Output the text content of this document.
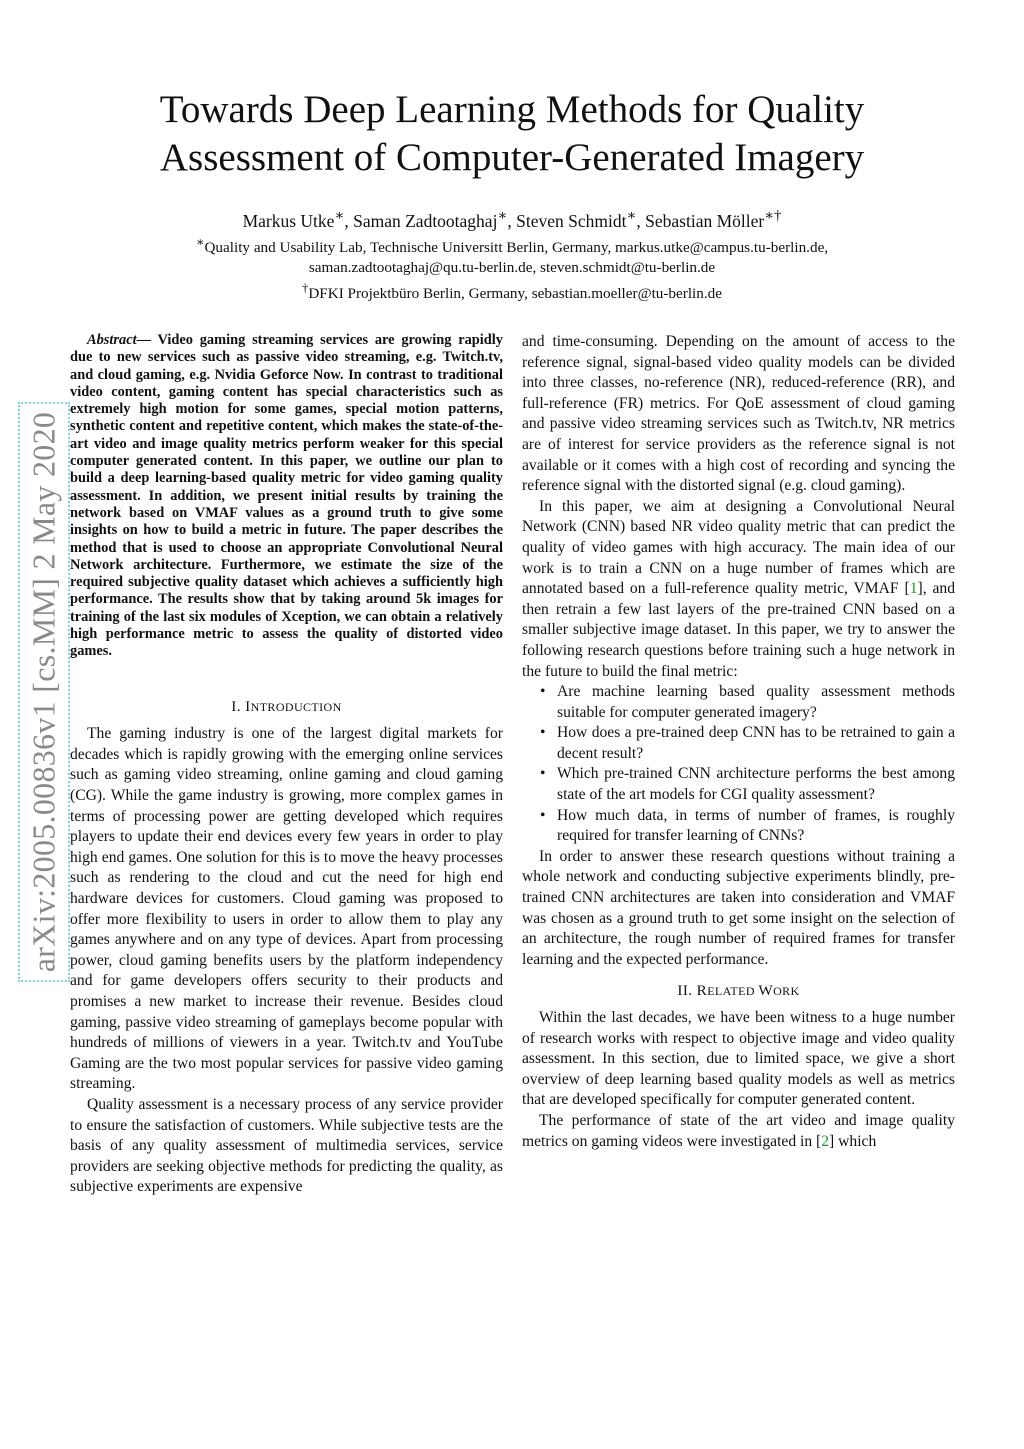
arXiv:2005.00836v1 [cs.MM] 2 May 2020
Towards Deep Learning Methods for Quality
Assessment of Computer-Generated Imagery
Markus Utke∗, Saman Zadtootaghaj∗, Steven Schmidt∗, Sebastian Möller∗†
∗Quality and Usability Lab, Technische Universitt Berlin, Germany, markus.utke@campus.tu-berlin.de,
saman.zadtootaghaj@qu.tu-berlin.de, steven.schmidt@tu-berlin.de
†DFKI Projektbüro Berlin, Germany, sebastian.moeller@tu-berlin.de

Abstract— Video gaming streaming services are growing rapidly due to new services such as passive video streaming, e.g. Twitch.tv, and cloud gaming, e.g. Nvidia Geforce Now. In contrast to traditional video content, gaming content has special characteristics such as extremely high motion for some games, special motion patterns, synthetic content and repetitive content, which makes the state-of-the-art video and image quality metrics perform weaker for this special computer generated content. In this paper, we outline our plan to build a deep learning-based quality metric for video gaming quality assessment. In addition, we present initial results by training the network based on VMAF values as a ground truth to give some insights on how to build a metric in future. The paper describes the method that is used to choose an appropriate Convolutional Neural Network architecture. Furthermore, we estimate the size of the required subjective quality dataset which achieves a sufficiently high performance. The results show that by taking around 5k images for training of the last six modules of Xception, we can obtain a relatively high performance metric to assess the quality of distorted video games.

I. INTRODUCTION

The gaming industry is one of the largest digital markets for decades which is rapidly growing with the emerging online services such as gaming video streaming, online gaming and cloud gaming (CG). While the game industry is growing, more complex games in terms of processing power are getting developed which requires players to update their end devices every few years in order to play high end games. One solution for this is to move the heavy processes such as rendering to the cloud and cut the need for high end hardware devices for customers. Cloud gaming was proposed to offer more flexibility to users in order to allow them to play any games anywhere and on any type of devices. Apart from processing power, cloud gaming benefits users by the platform independency and for game developers offers security to their products and promises a new market to increase their revenue. Besides cloud gaming, passive video streaming of gameplays become popular with hundreds of millions of viewers in a year. Twitch.tv and YouTube Gaming are the two most popular services for passive video gaming streaming.

Quality assessment is a necessary process of any service provider to ensure the satisfaction of customers. While subjective tests are the basis of any quality assessment of multimedia services, service providers are seeking objective methods for predicting the quality, as subjective experiments are expensive

and time-consuming. Depending on the amount of access to the reference signal, signal-based video quality models can be divided into three classes, no-reference (NR), reduced-reference (RR), and full-reference (FR) metrics. For QoE assessment of cloud gaming and passive video streaming services such as Twitch.tv, NR metrics are of interest for service providers as the reference signal is not available or it comes with a high cost of recording and syncing the reference signal with the distorted signal (e.g. cloud gaming).

In this paper, we aim at designing a Convolutional Neural Network (CNN) based NR video quality metric that can predict the quality of video games with high accuracy. The main idea of our work is to train a CNN on a huge number of frames which are annotated based on a full-reference quality metric, VMAF [1], and then retrain a few last layers of the pre-trained CNN based on a smaller subjective image dataset. In this paper, we try to answer the following research questions before training such a huge network in the future to build the final metric:

• Are machine learning based quality assessment methods suitable for computer generated imagery?
• How does a pre-trained deep CNN has to be retrained to gain a decent result?
• Which pre-trained CNN architecture performs the best among state of the art models for CGI quality assessment?
• How much data, in terms of number of frames, is roughly required for transfer learning of CNNs?

In order to answer these research questions without training a whole network and conducting subjective experiments blindly, pre-trained CNN architectures are taken into consideration and VMAF was chosen as a ground truth to get some insight on the selection of an architecture, the rough number of required frames for transfer learning and the expected performance.

II. RELATED WORK

Within the last decades, we have been witness to a huge number of research works with respect to objective image and video quality assessment. In this section, due to limited space, we give a short overview of deep learning based quality models as well as metrics that are developed specifically for computer generated content.

The performance of state of the art video and image quality metrics on gaming videos were investigated in [2] which
